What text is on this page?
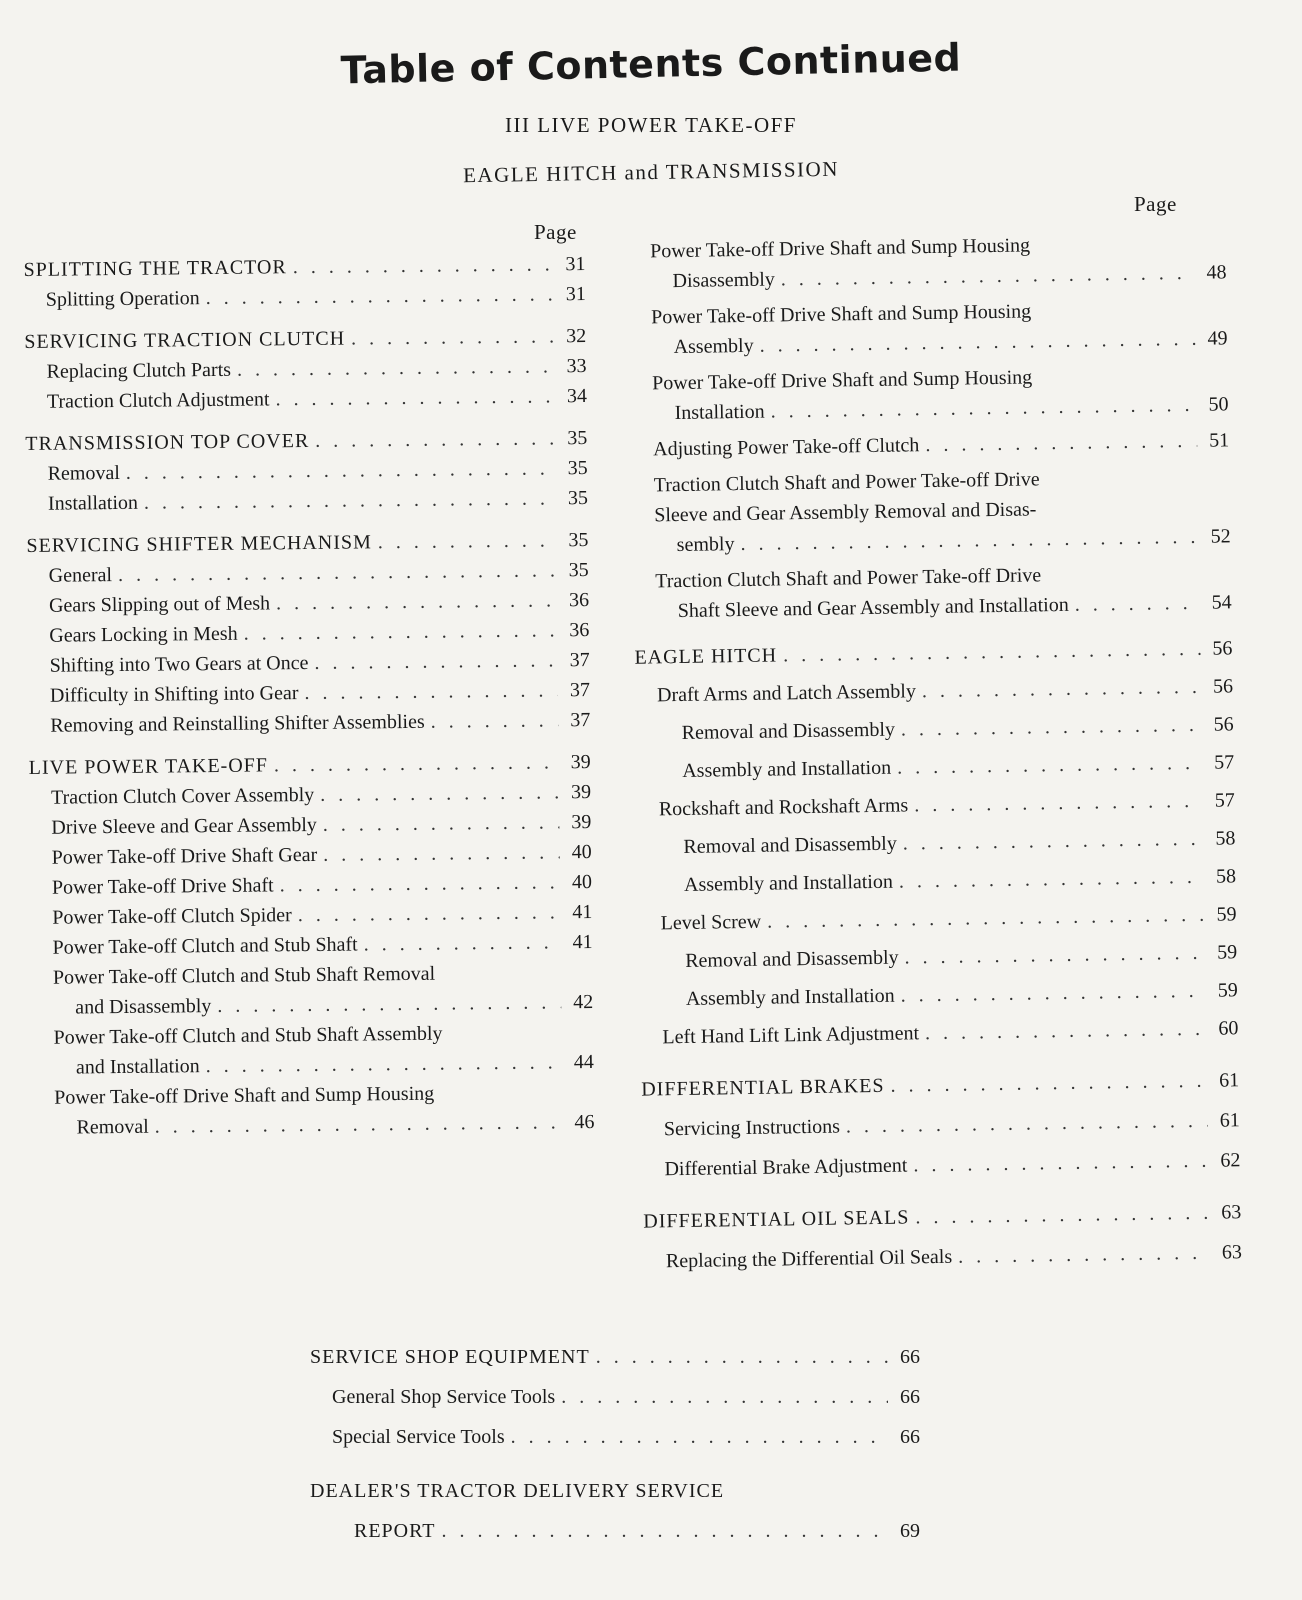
Table of Contents Continued
III LIVE POWER TAKE-OFF
EAGLE HITCH and TRANSMISSION
Page
Page
SPLITTING THE TRACTOR . . .	31
Splitting Operation . . .	31
SERVICING TRACTION CLUTCH . . .	32
Replacing Clutch Parts . . .	33
Traction Clutch Adjustment . . .	34
TRANSMISSION TOP COVER . . .	35
Removal . . .	35
Installation . . .	35
SERVICING SHIFTER MECHANISM . . .	35
General . . .	35
Gears Slipping out of Mesh . . .	36
Gears Locking in Mesh . . .	36
Shifting into Two Gears at Once . . .	37
Difficulty in Shifting into Gear . . .	37
Removing and Reinstalling Shifter Assemblies . . .	37
LIVE POWER TAKE-OFF . . .	39
Traction Clutch Cover Assembly . . .	39
Drive Sleeve and Gear Assembly . . .	39
Power Take-off Drive Shaft Gear . . .	40
Power Take-off Drive Shaft . . .	40
Power Take-off Clutch Spider . . .	41
Power Take-off Clutch and Stub Shaft . . .	41
Power Take-off Clutch and Stub Shaft Removal
and Disassembly . . .	42
Power Take-off Clutch and Stub Shaft Assembly
and Installation . . .	44
Power Take-off Drive Shaft and Sump Housing
Removal . . .	46
Power Take-off Drive Shaft and Sump Housing
Disassembly . . .	48
Power Take-off Drive Shaft and Sump Housing
Assembly . . .	49
Power Take-off Drive Shaft and Sump Housing
Installation . . .	50
Adjusting Power Take-off Clutch . . .	51
Traction Clutch Shaft and Power Take-off Drive
Sleeve and Gear Assembly Removal and Disas-
sembly . . .	52
Traction Clutch Shaft and Power Take-off Drive
Shaft Sleeve and Gear Assembly and Installation . . .	54
EAGLE HITCH . . .	56
Draft Arms and Latch Assembly . . .	56
Removal and Disassembly . . .	56
Assembly and Installation . . .	57
Rockshaft and Rockshaft Arms . . .	57
Removal and Disassembly . . .	58
Assembly and Installation . . .	58
Level Screw . . .	59
Removal and Disassembly . . .	59
Assembly and Installation . . .	59
Left Hand Lift Link Adjustment . . .	60
DIFFERENTIAL BRAKES . . .	61
Servicing Instructions . . .	61
Differential Brake Adjustment . . .	62
DIFFERENTIAL OIL SEALS . . .	63
Replacing the Differential Oil Seals . . .	63
SERVICE SHOP EQUIPMENT . . .	66
General Shop Service Tools . . .	66
Special Service Tools . . .	66
DEALER'S TRACTOR DELIVERY SERVICE
REPORT . . .	69
